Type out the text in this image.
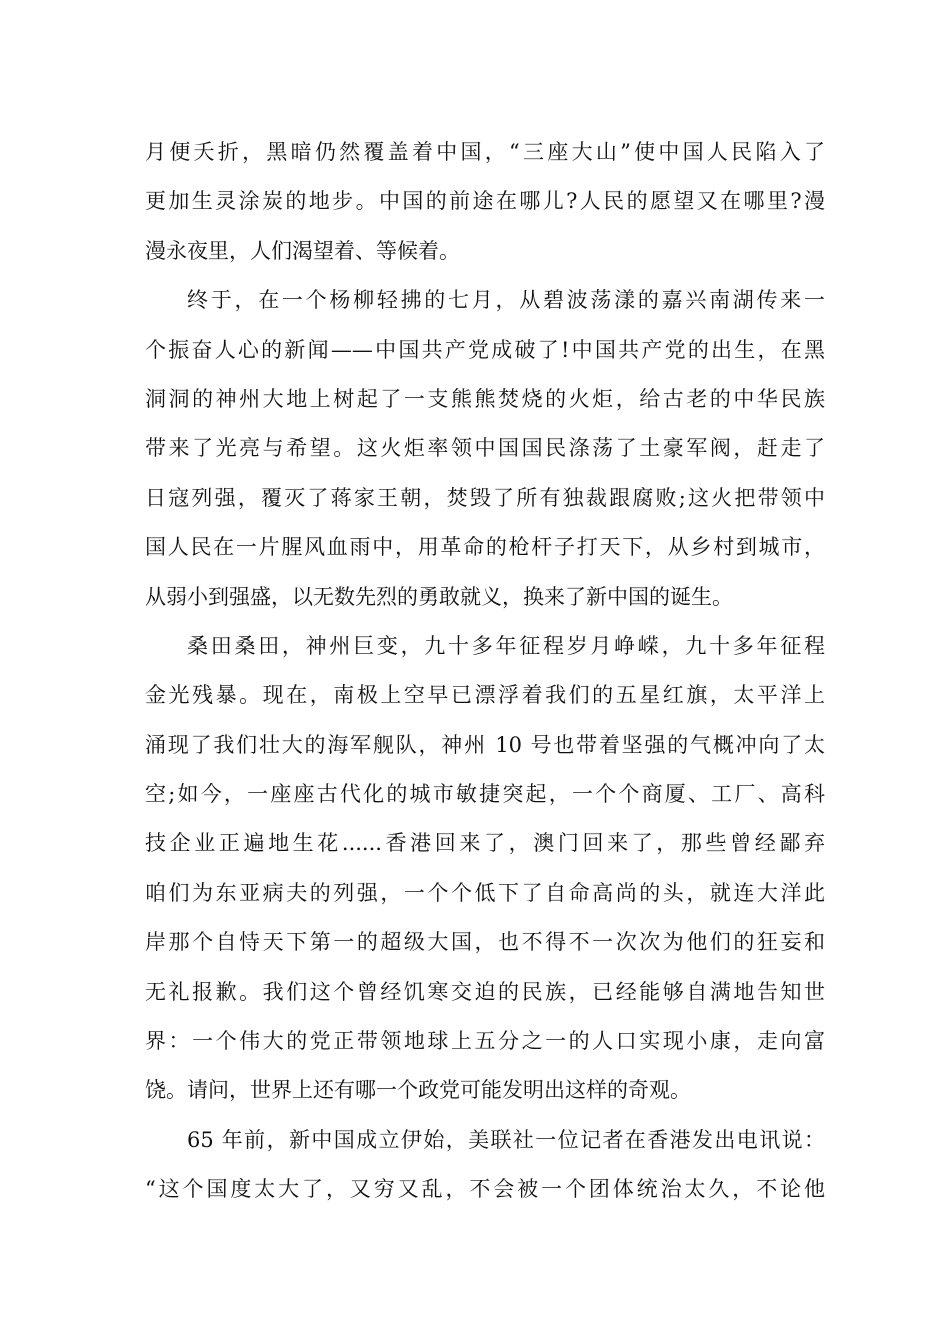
月便夭折，黑暗仍然覆盖着中国，“三座大山”使中国人民陷入了
更加生灵涂炭的地步。中国的前途在哪儿?人民的愿望又在哪里?漫
漫永夜里，人们渴望着、等候着。
终于，在一个杨柳轻拂的七月，从碧波荡漾的嘉兴南湖传来一
个振奋人心的新闻——中国共产党成破了!中国共产党的出生，在黑
洞洞的神州大地上树起了一支熊熊焚烧的火炬，给古老的中华民族
带来了光亮与希望。这火炬率领中国国民涤荡了土豪军阀，赶走了
日寇列强，覆灭了蒋家王朝，焚毁了所有独裁跟腐败;这火把带领中
国人民在一片腥风血雨中，用革命的枪杆子打天下，从乡村到城市，
从弱小到强盛，以无数先烈的勇敢就义，换来了新中国的诞生。
桑田桑田，神州巨变，九十多年征程岁月峥嵘，九十多年征程
金光残暴。现在，南极上空早已漂浮着我们的五星红旗，太平洋上
涌现了我们壮大的海军舰队，神州 10 号也带着坚强的气概冲向了太
空;如今，一座座古代化的城市敏捷突起，一个个商厦、工厂、高科
技企业正遍地生花......香港回来了，澳门回来了，那些曾经鄙弃
咱们为东亚病夫的列强，一个个低下了自命高尚的头，就连大洋此
岸那个自恃天下第一的超级大国，也不得不一次次为他们的狂妄和
无礼报歉。我们这个曾经饥寒交迫的民族，已经能够自满地告知世
界：一个伟大的党正带领地球上五分之一的人口实现小康，走向富
饶。请问，世界上还有哪一个政党可能发明出这样的奇观。
65 年前，新中国成立伊始，美联社一位记者在香港发出电讯说：
“这个国度太大了，又穷又乱，不会被一个团体统治太久，不论他
